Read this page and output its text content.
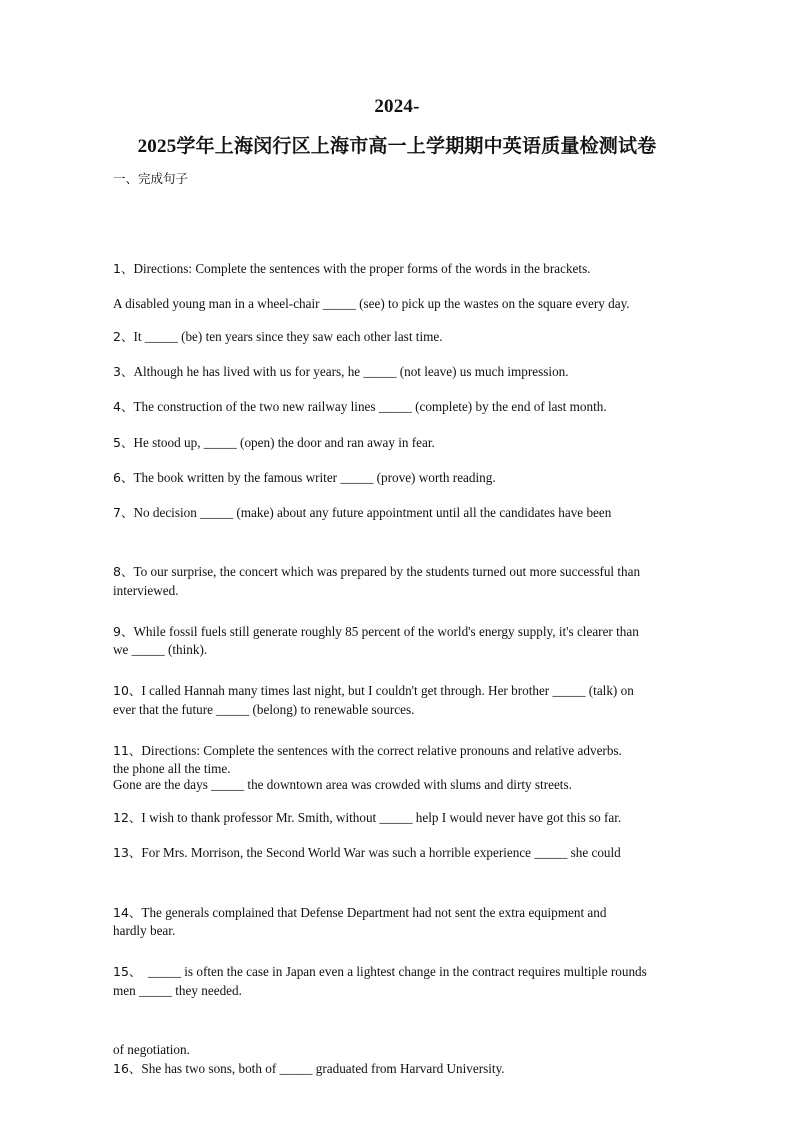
2024-
2025学年上海闵行区上海市高一上学期期中英语质量检测试卷
一、完成句子

1、Directions: Complete the sentences with the proper forms of the words in the brackets.

A disabled young man in a wheel-chair _____ (see) to pick up the wastes on the square every day.

2、It _____ (be) ten years since they saw each other last time.

3、Although he has lived with us for years, he _____ (not leave) us much impression.

4、The construction of the two new railway lines _____ (complete) by the end of last month.

5、He stood up, _____ (open) the door and ran away in fear.

6、The book written by the famous writer _____ (prove) worth reading.

7、No decision _____ (make) about any future appointment until all the candidates have been

interviewed.

8、To our surprise, the concert which was prepared by the students turned out more successful than

we _____ (think).

9、While fossil fuels still generate roughly 85 percent of the world's energy supply, it's clearer than

ever that the future _____ (belong) to renewable sources.

10、I called Hannah many times last night, but I couldn't get through. Her brother _____ (talk) on

the phone all the time.

11、Directions: Complete the sentences with the correct relative pronouns and relative adverbs.

Gone are the days _____ the downtown area was crowded with slums and dirty streets.

12、I wish to thank professor Mr. Smith, without _____ help I would never have got this so far.

13、For Mrs. Morrison, the Second World War was such a horrible experience _____ she could

hardly bear.

14、The generals complained that Defense Department had not sent the extra equipment and

men _____ they needed.

15、  _____ is often the case in Japan even a lightest change in the contract requires multiple rounds

of negotiation.

16、She has two sons, both of _____ graduated from Harvard University.
